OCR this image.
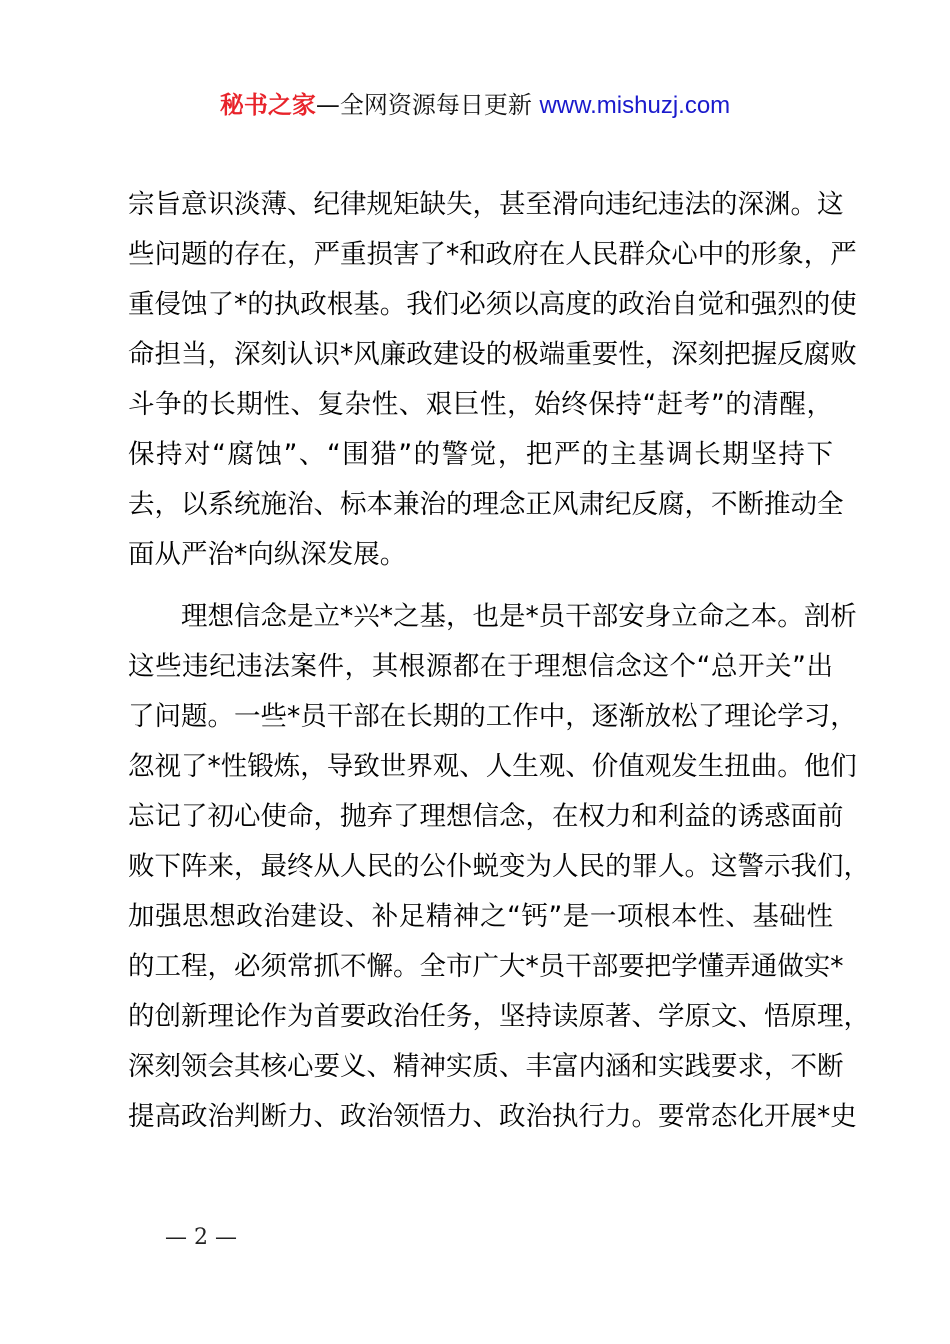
秘书之家—全网资源每日更新 www.mishuzj.com
宗旨意识淡薄、纪律规矩缺失，甚至滑向违纪违法的深渊。这
些问题的存在，严重损害了*和政府在人民群众心中的形象，严
重侵蚀了*的执政根基。我们必须以高度的政治自觉和强烈的使
命担当，深刻认识*风廉政建设的极端重要性，深刻把握反腐败
斗争的长期性、复杂性、艰巨性，始终保持“赶考”的清醒，
保持对“腐蚀”、“围猎”的警觉，把严的主基调长期坚持下
去，以系统施治、标本兼治的理念正风肃纪反腐，不断推动全
面从严治*向纵深发展。
　　理想信念是立*兴*之基，也是*员干部安身立命之本。剖析
这些违纪违法案件，其根源都在于理想信念这个“总开关”出
了问题。一些*员干部在长期的工作中，逐渐放松了理论学习，
忽视了*性锻炼，导致世界观、人生观、价值观发生扭曲。他们
忘记了初心使命，抛弃了理想信念，在权力和利益的诱惑面前
败下阵来，最终从人民的公仆蜕变为人民的罪人。这警示我们，
加强思想政治建设、补足精神之“钙”是一项根本性、基础性
的工程，必须常抓不懈。全市广大*员干部要把学懂弄通做实*
的创新理论作为首要政治任务，坚持读原著、学原文、悟原理，
深刻领会其核心要义、精神实质、丰富内涵和实践要求，不断
提高政治判断力、政治领悟力、政治执行力。要常态化开展*史
— 2 —
